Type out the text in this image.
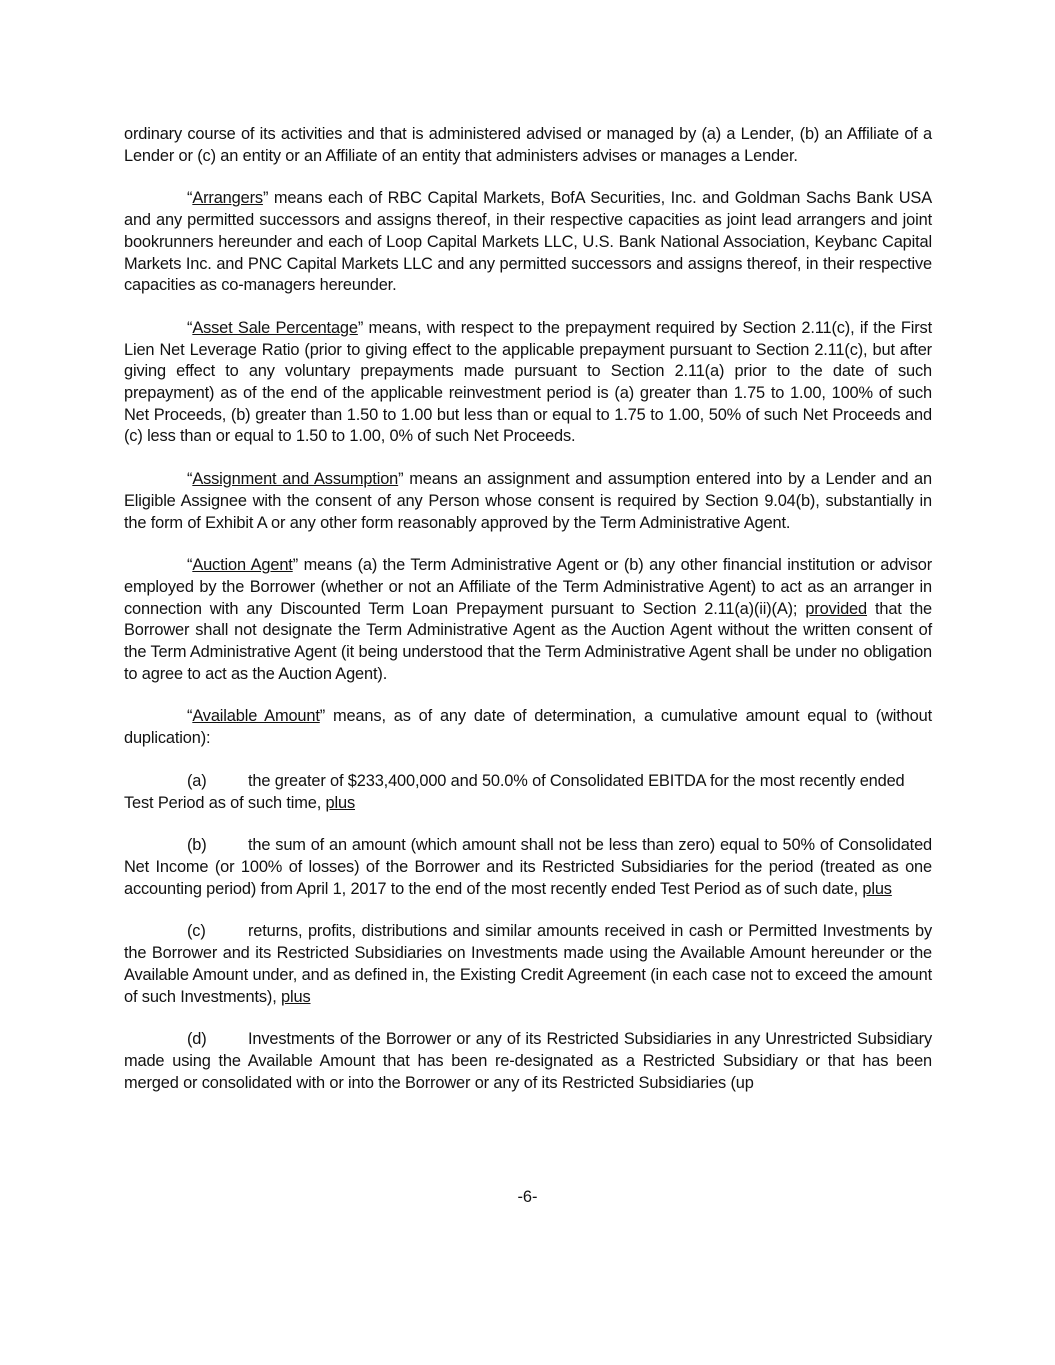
ordinary course of its activities and that is administered advised or managed by (a) a Lender, (b) an Affiliate of a Lender or (c) an entity or an Affiliate of an entity that administers advises or manages a Lender.

“Arrangers” means each of RBC Capital Markets, BofA Securities, Inc. and Goldman Sachs Bank USA and any permitted successors and assigns thereof, in their respective capacities as joint lead arrangers and joint bookrunners hereunder and each of Loop Capital Markets LLC, U.S. Bank National Association, Keybanc Capital Markets Inc. and PNC Capital Markets LLC and any permitted successors and assigns thereof, in their respective capacities as co-managers hereunder.

“Asset Sale Percentage” means, with respect to the prepayment required by Section 2.11(c), if the First Lien Net Leverage Ratio (prior to giving effect to the applicable prepayment pursuant to Section 2.11(c), but after giving effect to any voluntary prepayments made pursuant to Section 2.11(a) prior to the date of such prepayment) as of the end of the applicable reinvestment period is (a) greater than 1.75 to 1.00, 100% of such Net Proceeds, (b) greater than 1.50 to 1.00 but less than or equal to 1.75 to 1.00, 50% of such Net Proceeds and (c) less than or equal to 1.50 to 1.00, 0% of such Net Proceeds.

“Assignment and Assumption” means an assignment and assumption entered into by a Lender and an Eligible Assignee with the consent of any Person whose consent is required by Section 9.04(b), substantially in the form of Exhibit A or any other form reasonably approved by the Term Administrative Agent.

“Auction Agent” means (a) the Term Administrative Agent or (b) any other financial institution or advisor employed by the Borrower (whether or not an Affiliate of the Term Administrative Agent) to act as an arranger in connection with any Discounted Term Loan Prepayment pursuant to Section 2.11(a)(ii)(A); provided that the Borrower shall not designate the Term Administrative Agent as the Auction Agent without the written consent of the Term Administrative Agent (it being understood that the Term Administrative Agent shall be under no obligation to agree to act as the Auction Agent).

“Available Amount” means, as of any date of determination, a cumulative amount equal to (without duplication):

(a)	the greater of $233,400,000 and 50.0% of Consolidated EBITDA for the most recently ended Test Period as of such time, plus

(b)	the sum of an amount (which amount shall not be less than zero) equal to 50% of Consolidated Net Income (or 100% of losses) of the Borrower and its Restricted Subsidiaries for the period (treated as one accounting period) from April 1, 2017 to the end of the most recently ended Test Period as of such date, plus

(c)	returns, profits, distributions and similar amounts received in cash or Permitted Investments by the Borrower and its Restricted Subsidiaries on Investments made using the Available Amount hereunder or the Available Amount under, and as defined in, the Existing Credit Agreement (in each case not to exceed the amount of such Investments), plus

(d)	Investments of the Borrower or any of its Restricted Subsidiaries in any Unrestricted Subsidiary made using the Available Amount that has been re-designated as a Restricted Subsidiary or that has been merged or consolidated with or into the Borrower or any of its Restricted Subsidiaries (up

-6-
